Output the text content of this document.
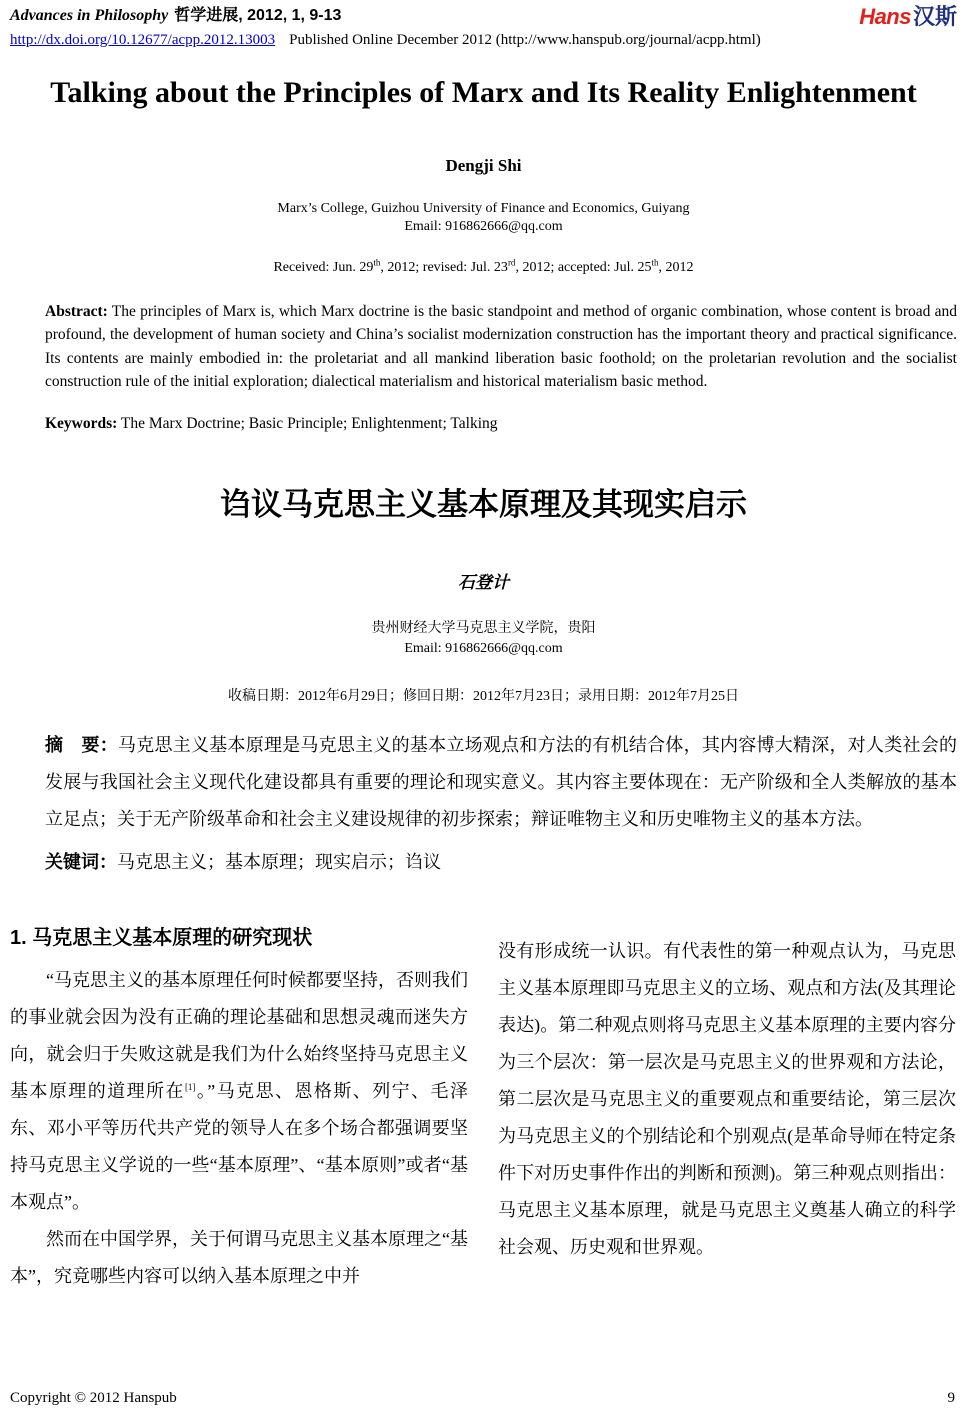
Advances in Philosophy 哲学进展, 2012, 1, 9-13	Hans汉斯
http://dx.doi.org/10.12677/acpp.2012.13003 Published Online December 2012 (http://www.hanspub.org/journal/acpp.html)
Talking about the Principles of Marx and Its Reality Enlightenment
Dengji Shi
Marx’s College, Guizhou University of Finance and Economics, Guiyang
Email: 916862666@qq.com
Received: Jun. 29th, 2012; revised: Jul. 23rd, 2012; accepted: Jul. 25th, 2012

Abstract: The principles of Marx is, which Marx doctrine is the basic standpoint and method of organic combination, whose content is broad and profound, the development of human society and China’s socialist modernization construction has the important theory and practical significance. Its contents are mainly embodied in: the proletariat and all mankind liberation basic foothold; on the proletarian revolution and the socialist construction rule of the initial exploration; dialectical materialism and historical materialism basic method.

Keywords: The Marx Doctrine; Basic Principle; Enlightenment; Talking

诌议马克思主义基本原理及其现实启示
石登计
贵州财经大学马克思主义学院，贵阳
Email: 916862666@qq.com
收稿日期：2012年6月29日；修回日期：2012年7月23日；录用日期：2012年7月25日

摘　要：马克思主义基本原理是马克思主义的基本立场观点和方法的有机结合体，其内容博大精深，对人类社会的发展与我国社会主义现代化建设都具有重要的理论和现实意义。其内容主要体现在：无产阶级和全人类解放的基本立足点；关于无产阶级革命和社会主义建设规律的初步探索；辩证唯物主义和历史唯物主义的基本方法。

关键词：马克思主义；基本原理；现实启示；诌议

1. 马克思主义基本原理的研究现状

“马克思主义的基本原理任何时候都要坚持，否则我们的事业就会因为没有正确的理论基础和思想灵魂而迷失方向，就会归于失败这就是我们为什么始终坚持马克思主义基本原理的道理所在[1]。”马克思、恩格斯、列宁、毛泽东、邓小平等历代共产党的领导人在多个场合都强调要坚持马克思主义学说的一些“基本原理”、“基本原则”或者“基本观点”。

然而在中国学界，关于何谓马克思主义基本原理之“基本”，究竟哪些内容可以纳入基本原理之中并

没有形成统一认识。有代表性的第一种观点认为，马克思主义基本原理即马克思主义的立场、观点和方法(及其理论表达)。第二种观点则将马克思主义基本原理的主要内容分为三个层次：第一层次是马克思主义的世界观和方法论，第二层次是马克思主义的重要观点和重要结论，第三层次为马克思主义的个别结论和个别观点(是革命导师在特定条件下对历史事件作出的判断和预测)。第三种观点则指出：马克思主义基本原理，就是马克思主义奠基人确立的科学社会观、历史观和世界观。

Copyright © 2012 Hanspub	9
